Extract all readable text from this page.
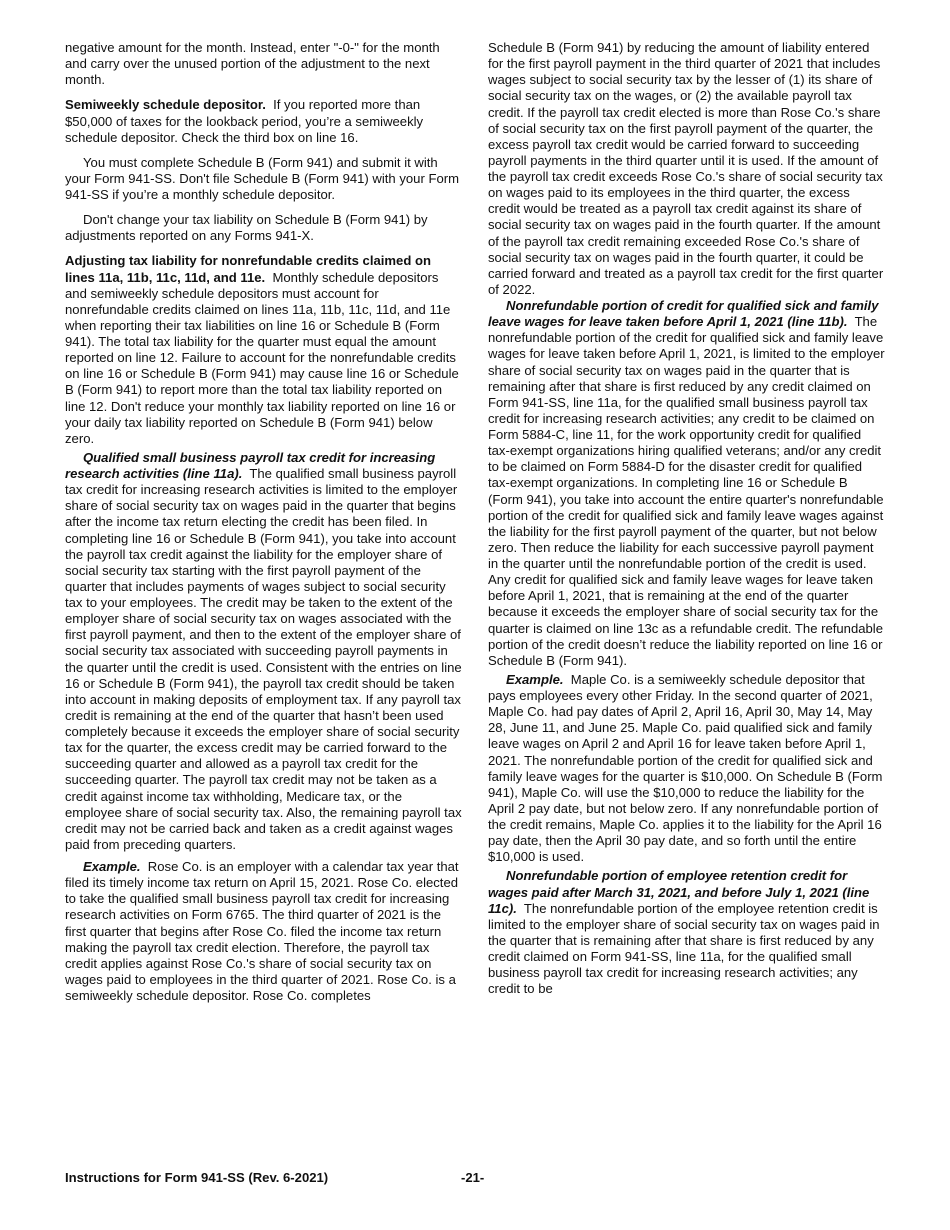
negative amount for the month. Instead, enter "-0-" for the month and carry over the unused portion of the adjustment to the next month.

Semiweekly schedule depositor. If you reported more than $50,000 of taxes for the lookback period, you’re a semiweekly schedule depositor. Check the third box on line 16.

You must complete Schedule B (Form 941) and submit it with your Form 941-SS. Don't file Schedule B (Form 941) with your Form 941-SS if you’re a monthly schedule depositor.

Don't change your tax liability on Schedule B (Form 941) by adjustments reported on any Forms 941-X.

Adjusting tax liability for nonrefundable credits claimed on lines 11a, 11b, 11c, 11d, and 11e. Monthly schedule depositors and semiweekly schedule depositors must account for nonrefundable credits claimed on lines 11a, 11b, 11c, 11d, and 11e when reporting their tax liabilities on line 16 or Schedule B (Form 941). The total tax liability for the quarter must equal the amount reported on line 12. Failure to account for the nonrefundable credits on line 16 or Schedule B (Form 941) may cause line 16 or Schedule B (Form 941) to report more than the total tax liability reported on line 12. Don't reduce your monthly tax liability reported on line 16 or your daily tax liability reported on Schedule B (Form 941) below zero.

Qualified small business payroll tax credit for increasing research activities (line 11a). The qualified small business payroll tax credit for increasing research activities is limited to the employer share of social security tax on wages paid in the quarter that begins after the income tax return electing the credit has been filed. In completing line 16 or Schedule B (Form 941), you take into account the payroll tax credit against the liability for the employer share of social security tax starting with the first payroll payment of the quarter that includes payments of wages subject to social security tax to your employees. The credit may be taken to the extent of the employer share of social security tax on wages associated with the first payroll payment, and then to the extent of the employer share of social security tax associated with succeeding payroll payments in the quarter until the credit is used. Consistent with the entries on line 16 or Schedule B (Form 941), the payroll tax credit should be taken into account in making deposits of employment tax. If any payroll tax credit is remaining at the end of the quarter that hasn’t been used completely because it exceeds the employer share of social security tax for the quarter, the excess credit may be carried forward to the succeeding quarter and allowed as a payroll tax credit for the succeeding quarter. The payroll tax credit may not be taken as a credit against income tax withholding, Medicare tax, or the employee share of social security tax. Also, the remaining payroll tax credit may not be carried back and taken as a credit against wages paid from preceding quarters.

Example. Rose Co. is an employer with a calendar tax year that filed its timely income tax return on April 15, 2021. Rose Co. elected to take the qualified small business payroll tax credit for increasing research activities on Form 6765. The third quarter of 2021 is the first quarter that begins after Rose Co. filed the income tax return making the payroll tax credit election. Therefore, the payroll tax credit applies against Rose Co.'s share of social security tax on wages paid to employees in the third quarter of 2021. Rose Co. is a semiweekly schedule depositor. Rose Co. completes

Schedule B (Form 941) by reducing the amount of liability entered for the first payroll payment in the third quarter of 2021 that includes wages subject to social security tax by the lesser of (1) its share of social security tax on the wages, or (2) the available payroll tax credit. If the payroll tax credit elected is more than Rose Co.'s share of social security tax on the first payroll payment of the quarter, the excess payroll tax credit would be carried forward to succeeding payroll payments in the third quarter until it is used. If the amount of the payroll tax credit exceeds Rose Co.'s share of social security tax on wages paid to its employees in the third quarter, the excess credit would be treated as a payroll tax credit against its share of social security tax on wages paid in the fourth quarter. If the amount of the payroll tax credit remaining exceeded Rose Co.'s share of social security tax on wages paid in the fourth quarter, it could be carried forward and treated as a payroll tax credit for the first quarter of 2022.

Nonrefundable portion of credit for qualified sick and family leave wages for leave taken before April 1, 2021 (line 11b). The nonrefundable portion of the credit for qualified sick and family leave wages for leave taken before April 1, 2021, is limited to the employer share of social security tax on wages paid in the quarter that is remaining after that share is first reduced by any credit claimed on Form 941-SS, line 11a, for the qualified small business payroll tax credit for increasing research activities; any credit to be claimed on Form 5884-C, line 11, for the work opportunity credit for qualified tax-exempt organizations hiring qualified veterans; and/or any credit to be claimed on Form 5884-D for the disaster credit for qualified tax-exempt organizations. In completing line 16 or Schedule B (Form 941), you take into account the entire quarter's nonrefundable portion of the credit for qualified sick and family leave wages against the liability for the first payroll payment of the quarter, but not below zero. Then reduce the liability for each successive payroll payment in the quarter until the nonrefundable portion of the credit is used. Any credit for qualified sick and family leave wages for leave taken before April 1, 2021, that is remaining at the end of the quarter because it exceeds the employer share of social security tax for the quarter is claimed on line 13c as a refundable credit. The refundable portion of the credit doesn’t reduce the liability reported on line 16 or Schedule B (Form 941).

Example. Maple Co. is a semiweekly schedule depositor that pays employees every other Friday. In the second quarter of 2021, Maple Co. had pay dates of April 2, April 16, April 30, May 14, May 28, June 11, and June 25. Maple Co. paid qualified sick and family leave wages on April 2 and April 16 for leave taken before April 1, 2021. The nonrefundable portion of the credit for qualified sick and family leave wages for the quarter is $10,000. On Schedule B (Form 941), Maple Co. will use the $10,000 to reduce the liability for the April 2 pay date, but not below zero. If any nonrefundable portion of the credit remains, Maple Co. applies it to the liability for the April 16 pay date, then the April 30 pay date, and so forth until the entire $10,000 is used.

Nonrefundable portion of employee retention credit for wages paid after March 31, 2021, and before July 1, 2021 (line 11c). The nonrefundable portion of the employee retention credit is limited to the employer share of social security tax on wages paid in the quarter that is remaining after that share is first reduced by any credit claimed on Form 941-SS, line 11a, for the qualified small business payroll tax credit for increasing research activities; any credit to be

Instructions for Form 941-SS (Rev. 6-2021)	-21-
